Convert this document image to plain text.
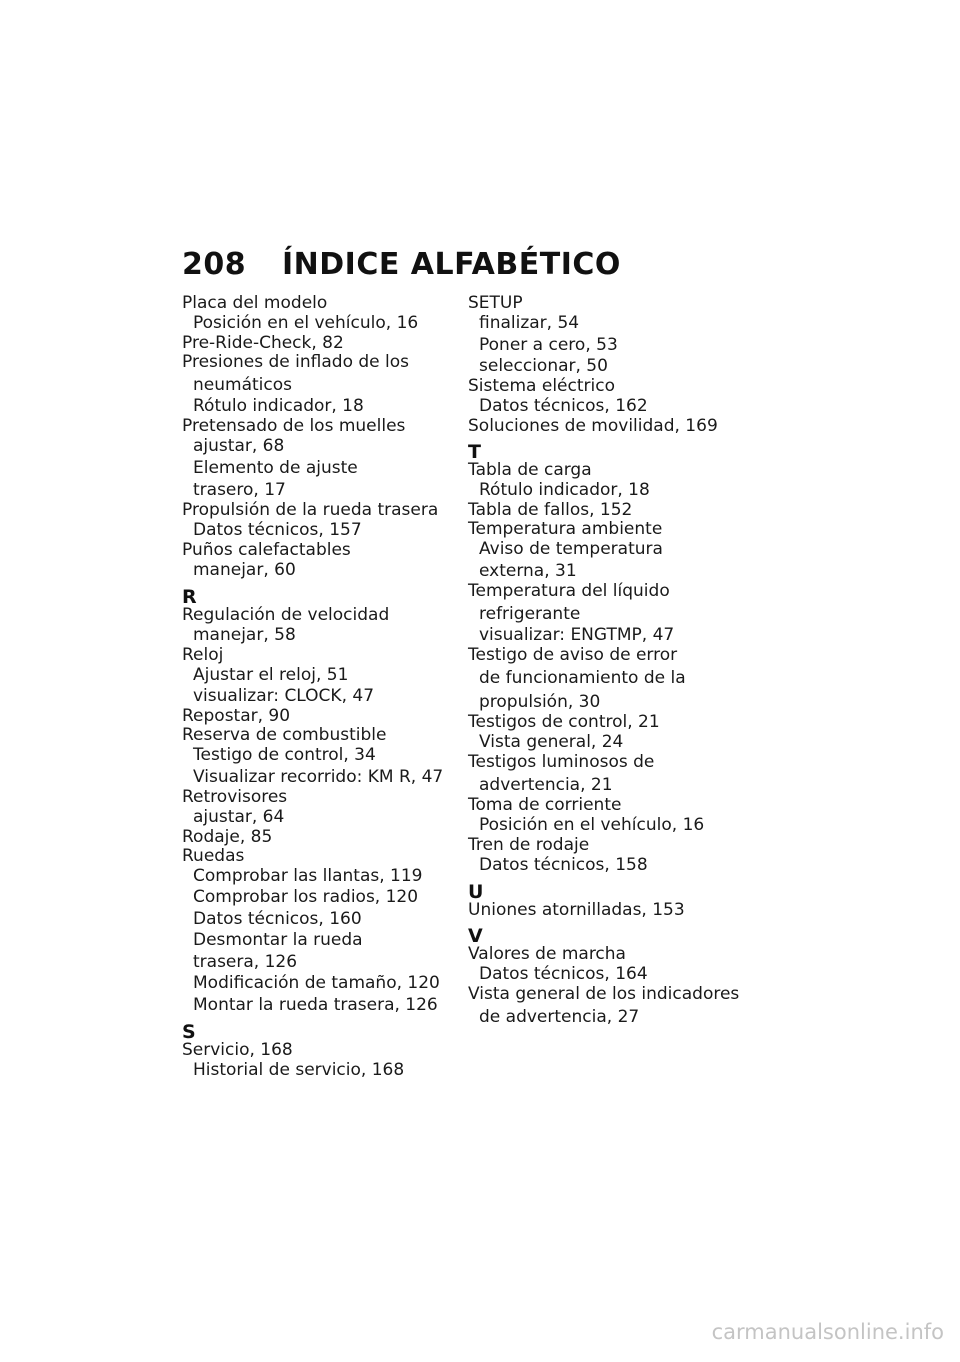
208	ÍNDICE ALFABÉTICO
Placa del modelo
Posición en el vehículo, 16
Pre-Ride-Check, 82
Presiones de inflado de los
neumáticos
Rótulo indicador, 18
Pretensado de los muelles
ajustar, 68
Elemento de ajuste
trasero, 17
Propulsión de la rueda trasera
Datos técnicos, 157
Puños calefactables
manejar, 60
R
Regulación de velocidad
manejar, 58
Reloj
Ajustar el reloj, 51
visualizar: CLOCK, 47
Repostar, 90
Reserva de combustible
Testigo de control, 34
Visualizar recorrido: KM R, 47
Retrovisores
ajustar, 64
Rodaje, 85
Ruedas
Comprobar las llantas, 119
Comprobar los radios, 120
Datos técnicos, 160
Desmontar la rueda
trasera, 126
Modificación de tamaño, 120
Montar la rueda trasera, 126
S
Servicio, 168
Historial de servicio, 168
SETUP
finalizar, 54
Poner a cero, 53
seleccionar, 50
Sistema eléctrico
Datos técnicos, 162
Soluciones de movilidad, 169
T
Tabla de carga
Rótulo indicador, 18
Tabla de fallos, 152
Temperatura ambiente
Aviso de temperatura
externa, 31
Temperatura del líquido
refrigerante
visualizar: ENGTMP, 47
Testigo de aviso de error
de funcionamiento de la
propulsión, 30
Testigos de control, 21
Vista general, 24
Testigos luminosos de
advertencia, 21
Toma de corriente
Posición en el vehículo, 16
Tren de rodaje
Datos técnicos, 158
U
Uniones atornilladas, 153
V
Valores de marcha
Datos técnicos, 164
Vista general de los indicadores
de advertencia, 27
carmanualsonline.info
